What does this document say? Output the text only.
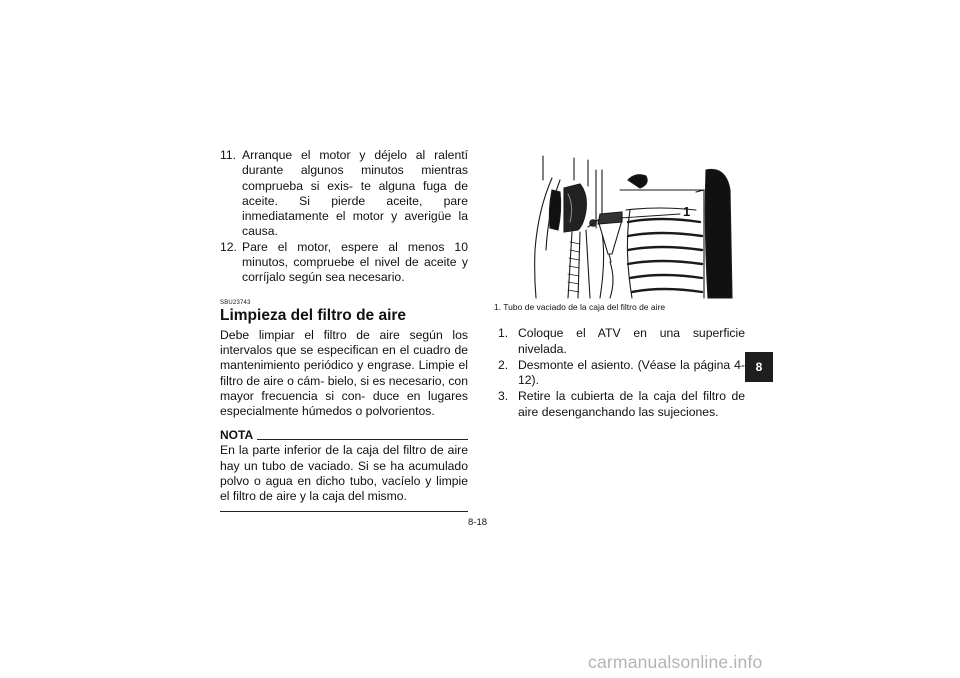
11. Arranque el motor y déjelo al ralentí durante algunos minutos mientras comprueba si exis- te alguna fuga de aceite. Si pierde aceite, pare inmediatamente el motor y averigüe la causa.
12. Pare el motor, espere al menos 10 minutos, compruebe el nivel de aceite y corríjalo según sea necesario.
SBU23743
Limpieza del filtro de aire

Debe limpiar el filtro de aire según los intervalos que se especifican en el cuadro de mantenimiento periódico y engrase. Limpie el filtro de aire o cám- bielo, si es necesario, con mayor frecuencia si con- duce en lugares especialmente húmedos o polvorientos.

NOTA

En la parte inferior de la caja del filtro de aire hay un tubo de vaciado. Si se ha acumulado polvo o agua en dicho tubo, vacíelo y limpie el filtro de aire y la caja del mismo.

1
1. Tubo de vaciado de la caja del filtro de aire
1. Coloque el ATV en una superficie nivelada.
2. Desmonte el asiento. (Véase la página 4-12).
3. Retire la cubierta de la caja del filtro de aire desenganchando las sujeciones.
8
8-18
carmanualsonline.info
